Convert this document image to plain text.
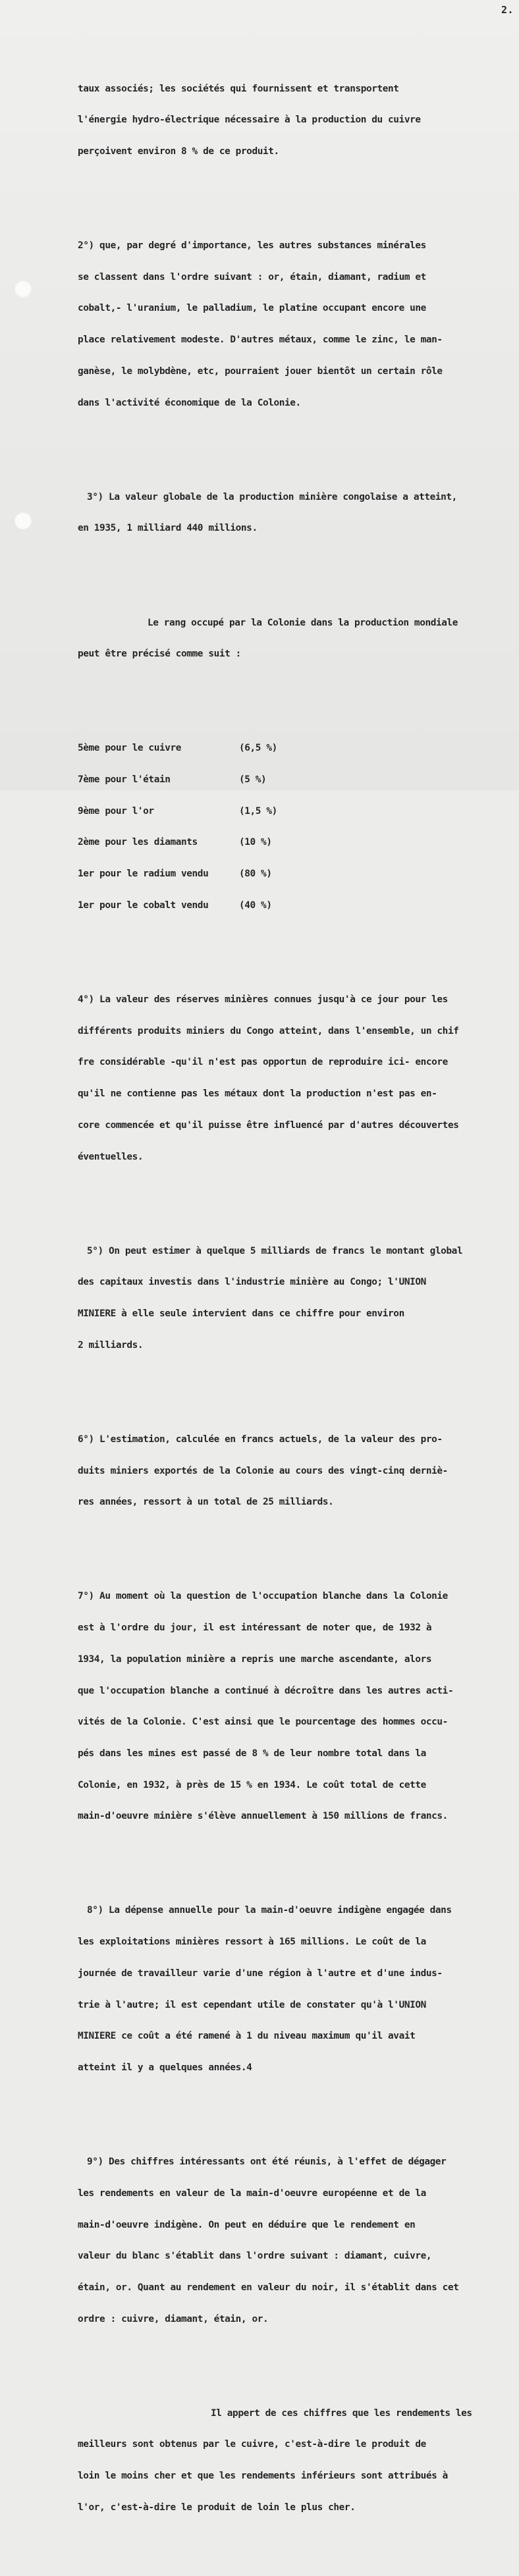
2.

taux associés; les sociétés qui fournissent et transportent

l'énergie hydro-électrique nécessaire à la production du cuivre

perçoivent environ 8 % de ce produit.

2°) que, par degré d'importance, les autres substances minérales

se classent dans l'ordre suivant : or, étain, diamant, radium et

cobalt,- l'uranium, le palladium, le platine occupant encore une

place relativement modeste. D'autres métaux, comme le zinc, le man-

ganèse, le molybdène, etc, pourraient jouer bientôt un certain rôle

dans l'activité économique de la Colonie.

3°) La valeur globale de la production minière congolaise a atteint,

en 1935, 1 milliard 440 millions.

Le rang occupé par la Colonie dans la production mondiale

peut être précisé comme suit :

5ème pour le cuivre	(6,5 %)

7ème pour l'étain	(5 %)

9ème pour l'or	(1,5 %)

2ème pour les diamants	(10 %)

1er pour le radium vendu	(80 %)

1er pour le cobalt vendu	(40 %)

4°) La valeur des réserves minières connues jusqu'à ce jour pour les

différents produits miniers du Congo atteint, dans l'ensemble, un chif

fre considérable -qu'il n'est pas opportun de reproduire ici- encore

qu'il ne contienne pas les métaux dont la production n'est pas en-

core commencée et qu'il puisse être influencé par d'autres découvertes

éventuelles.

5°) On peut estimer à quelque 5 milliards de francs le montant global

des capitaux investis dans l'industrie minière au Congo; l'UNION

MINIERE à elle seule intervient dans ce chiffre pour environ

2 milliards.

6°) L'estimation, calculée en francs actuels, de la valeur des pro-

duits miniers exportés de la Colonie au cours des vingt-cinq derniè-

res années, ressort à un total de 25 milliards.

7°) Au moment où la question de l'occupation blanche dans la Colonie

est à l'ordre du jour, il est intéressant de noter que, de 1932 à

1934, la population minière a repris une marche ascendante, alors

que l'occupation blanche a continué à décroître dans les autres acti-

vités de la Colonie. C'est ainsi que le pourcentage des hommes occu-

pés dans les mines est passé de 8 % de leur nombre total dans la

Colonie, en 1932, à près de 15 % en 1934. Le coût total de cette

main-d'oeuvre minière s'élève annuellement à 150 millions de francs.

8°) La dépense annuelle pour la main-d'oeuvre indigène engagée dans

les exploitations minières ressort à 165 millions. Le coût de la

journée de travailleur varie d'une région à l'autre et d'une indus-

trie à l'autre; il est cependant utile de constater qu'à l'UNION

MINIERE ce coût a été ramené à 1 du niveau maximum qu'il avait

atteint il y a quelques années.4

9°) Des chiffres intéressants ont été réunis, à l'effet de dégager

les rendements en valeur de la main-d'oeuvre européenne et de la

main-d'oeuvre indigène. On peut en déduire que le rendement en

valeur du blanc s'établit dans l'ordre suivant : diamant, cuivre,

étain, or. Quant au rendement en valeur du noir, il s'établit dans cet

ordre : cuivre, diamant, étain, or.

Il appert de ces chiffres que les rendements les

meilleurs sont obtenus par le cuivre, c'est-à-dire le produit de

loin le moins cher et que les rendements inférieurs sont attribués à

l'or, c'est-à-dire le produit de loin le plus cher.
